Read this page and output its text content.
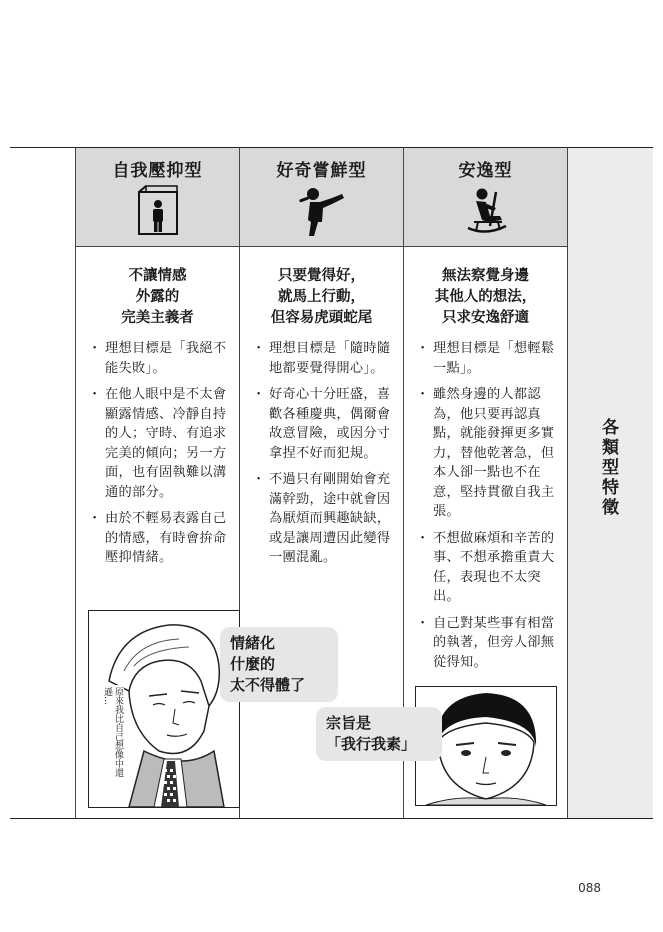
自我壓抑型	好奇嘗鮮型	安逸型
不讓情感
外露的
完美主義者
只要覺得好，
就馬上行動，
但容易虎頭蛇尾
無法察覺身邊
其他人的想法，
只求安逸舒適
・ 理想目標是「我絕不能失敗」。
・ 在他人眼中是不太會顯露情感、冷靜自持的人；守時、有追求完美的傾向；另一方面，也有固執難以溝通的部分。
・ 由於不輕易表露自己的情感，有時會拚命壓抑情緒。
・ 理想目標是「隨時隨地都要覺得開心」。
・ 好奇心十分旺盛，喜歡各種慶典，偶爾會故意冒險，或因分寸拿捏不好而犯規。
・ 不過只有剛開始會充滿幹勁，途中就會因為厭煩而興趣缺缺，或是讓周遭因此變得一團混亂。
・ 理想目標是「想輕鬆一點」。
・ 雖然身邊的人都認為，他只要再認真點，就能發揮更多實力，替他乾著急，但本人卻一點也不在意，堅持貫徹自我主張。
・ 不想做麻煩和辛苦的事、不想承擔重責大任，表現也不太突出。
・ 自己對某些事有相當的執著，但旁人卻無從得知。
各類型特徵
原來我比自己想像中還遜…
情緒化
什麼的
太不得體了
宗旨是
「我行我素」
088
